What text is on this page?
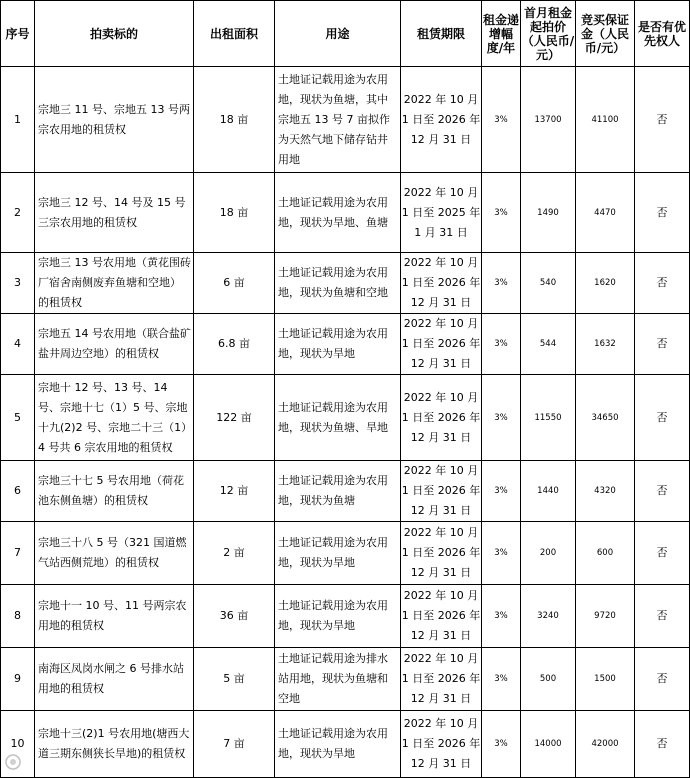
序号	拍卖标的	出租面积	用途	租赁期限	租金递增幅度/年	首月租金起拍价（人民币/元）	竞买保证金（人民币/元）	是否有优先权人
1	宗地三 11 号、宗地五 13 号两宗农用地的租赁权	18 亩	土地证记载用途为农用地，现状为鱼塘，其中宗地五 13 号 7 亩拟作为天然气地下储存钻井用地	2022 年 10 月 1 日至 2026 年 12 月 31 日	3%	13700	41100	否
2	宗地三 12 号、14 号及 15 号三宗农用地的租赁权	18 亩	土地证记载用途为农用地，现状为旱地、鱼塘	2022 年 10 月 1 日至 2025 年 1 月 31 日	3%	1490	4470	否
3	宗地三 13 号农用地（黄花围砖厂宿舍南侧废弃鱼塘和空地）的租赁权	6 亩	土地证记载用途为农用地，现状为鱼塘和空地	2022 年 10 月 1 日至 2026 年 12 月 31 日	3%	540	1620	否
4	宗地五 14 号农用地（联合盐矿盐井周边空地）的租赁权	6.8 亩	土地证记载用途为农用地，现状为旱地	2022 年 10 月 1 日至 2026 年 12 月 31 日	3%	544	1632	否
5	宗地十 12 号、13 号、14 号、宗地十七（1）5 号、宗地十九(2)2 号、宗地二十三（1）4 号共 6 宗农用地的租赁权	122 亩	土地证记载用途为农用地，现状为鱼塘、旱地	2022 年 10 月 1 日至 2026 年 12 月 31 日	3%	11550	34650	否
6	宗地三十七 5 号农用地（荷花池东侧鱼塘）的租赁权	12 亩	土地证记载用途为农用地，现状为鱼塘	2022 年 10 月 1 日至 2026 年 12 月 31 日	3%	1440	4320	否
7	宗地三十八 5 号（321 国道燃气站西侧荒地）的租赁权	2 亩	土地证记载用途为农用地，现状为旱地	2022 年 10 月 1 日至 2026 年 12 月 31 日	3%	200	600	否
8	宗地十一 10 号、11 号两宗农用地的租赁权	36 亩	土地证记载用途为农用地，现状为旱地	2022 年 10 月 1 日至 2026 年 12 月 31 日	3%	3240	9720	否
9	南海区凤岗水闸之 6 号排水站用地的租赁权	5 亩	土地证记载用途为排水站用地，现状为鱼塘和空地	2022 年 10 月 1 日至 2026 年 12 月 31 日	3%	500	1500	否
10	宗地十三(2)1 号农用地(塘西大道三期东侧狭长旱地)的租赁权	7 亩	土地证记载用途为农用地，现状为旱地	2022 年 10 月 1 日至 2026 年 12 月 31 日	3%	14000	42000	否
